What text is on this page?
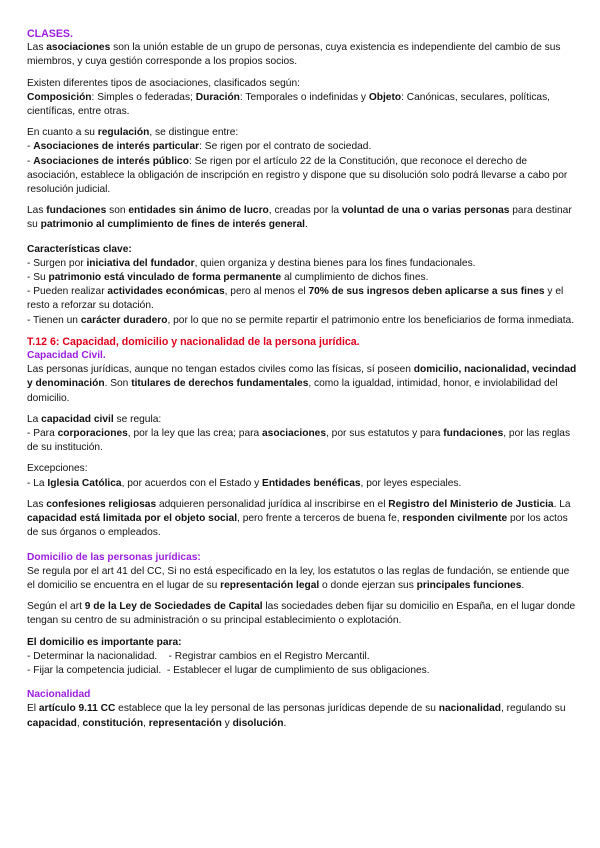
CLASES.

Las asociaciones son la unión estable de un grupo de personas, cuya existencia es independiente del cambio de sus miembros, y cuya gestión corresponde a los propios socios.

Existen diferentes tipos de asociaciones, clasificados según:
Composición: Simples o federadas; Duración: Temporales o indefinidas y Objeto: Canónicas, seculares, políticas, científicas, entre otras.

En cuanto a su regulación, se distingue entre:
- Asociaciones de interés particular: Se rigen por el contrato de sociedad.
- Asociaciones de interés público: Se rigen por el artículo 22 de la Constitución, que reconoce el derecho de asociación, establece la obligación de inscripción en registro y dispone que su disolución solo podrá llevarse a cabo por resolución judicial.

Las fundaciones son entidades sin ánimo de lucro, creadas por la voluntad de una o varias personas para destinar su patrimonio al cumplimiento de fines de interés general.

Características clave:

- Surgen por iniciativa del fundador, quien organiza y destina bienes para los fines fundacionales.
- Su patrimonio está vinculado de forma permanente al cumplimiento de dichos fines.
- Pueden realizar actividades económicas, pero al menos el 70% de sus ingresos deben aplicarse a sus fines y el resto a reforzar su dotación.
- Tienen un carácter duradero, por lo que no se permite repartir el patrimonio entre los beneficiarios de forma inmediata.

T.12 6: Capacidad, domicilio y nacionalidad de la persona jurídica.
Capacidad Civil.

Las personas jurídicas, aunque no tengan estados civiles como las físicas, sí poseen domicilio, nacionalidad, vecindad y denominación. Son titulares de derechos fundamentales, como la igualdad, intimidad, honor, e inviolabilidad del domicilio.

La capacidad civil se regula:
- Para corporaciones, por la ley que las crea; para asociaciones, por sus estatutos y para fundaciones, por las reglas de su institución.

Excepciones:
- La Iglesia Católica, por acuerdos con el Estado y Entidades benéficas, por leyes especiales.

Las confesiones religiosas adquieren personalidad jurídica al inscribirse en el Registro del Ministerio de Justicia. La capacidad está limitada por el objeto social, pero frente a terceros de buena fe, responden civilmente por los actos de sus órganos o empleados.

Domicilio de las personas jurídicas:

Se regula por el art 41 del CC, Si no está especificado en la ley, los estatutos o las reglas de fundación, se entiende que el domicilio se encuentra en el lugar de su representación legal o donde ejerzan sus principales funciones.

Según el art 9 de la Ley de Sociedades de Capital las sociedades deben fijar su domicilio en España, en el lugar donde tengan su centro de su administración o su principal establecimiento o explotación.

El domicilio es importante para:

- Determinar la nacionalidad.    - Registrar cambios en el Registro Mercantil.
- Fijar la competencia judicial.  - Establecer el lugar de cumplimiento de sus obligaciones.

Nacionalidad

El artículo 9.11 CC establece que la ley personal de las personas jurídicas depende de su nacionalidad, regulando su capacidad, constitución, representación y disolución.
